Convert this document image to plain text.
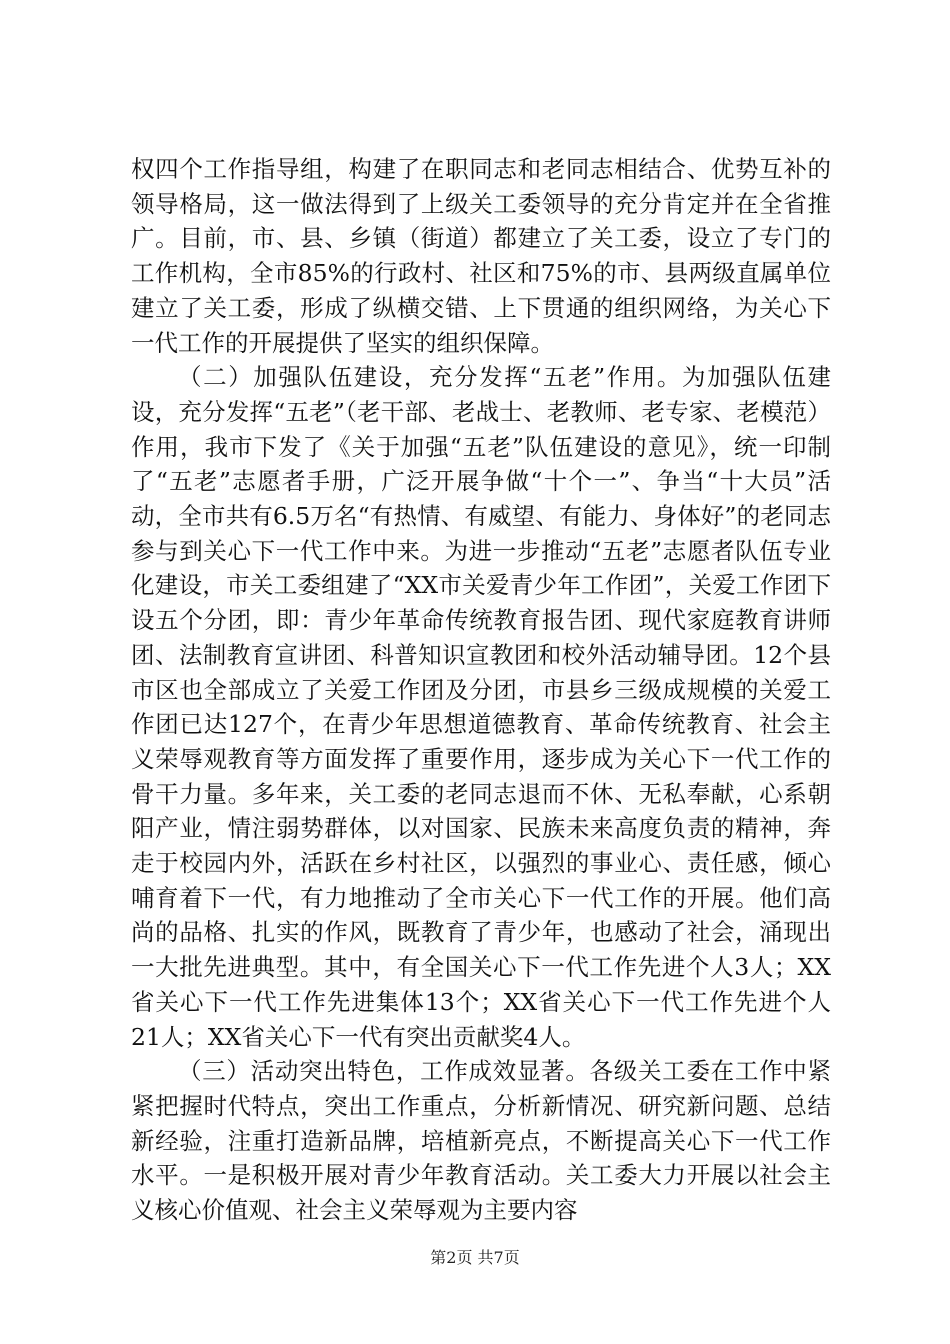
权四个工作指导组，构建了在职同志和老同志相结合、优势互补的领导格局，这一做法得到了上级关工委领导的充分肯定并在全省推广。目前，市、县、乡镇（街道）都建立了关工委，设立了专门的工作机构，全市85%的行政村、社区和75%的市、县两级直属单位建立了关工委，形成了纵横交错、上下贯通的组织网络，为关心下一代工作的开展提供了坚实的组织保障。

（二）加强队伍建设，充分发挥“五老”作用。为加强队伍建设，充分发挥“五老”（老干部、老战士、老教师、老专家、老模范）作用，我市下发了《关于加强“五老”队伍建设的意见》，统一印制了“五老”志愿者手册，广泛开展争做“十个一”、争当“十大员”活动，全市共有6.5万名“有热情、有威望、有能力、身体好”的老同志参与到关心下一代工作中来。为进一步推动“五老”志愿者队伍专业化建设，市关工委组建了“XX市关爱青少年工作团”，关爱工作团下设五个分团，即：青少年革命传统教育报告团、现代家庭教育讲师团、法制教育宣讲团、科普知识宣教团和校外活动辅导团。12个县市区也全部成立了关爱工作团及分团，市县乡三级成规模的关爱工作团已达127个，在青少年思想道德教育、革命传统教育、社会主义荣辱观教育等方面发挥了重要作用，逐步成为关心下一代工作的骨干力量。多年来，关工委的老同志退而不休、无私奉献，心系朝阳产业，情注弱势群体，以对国家、民族未来高度负责的精神，奔走于校园内外，活跃在乡村社区，以强烈的事业心、责任感，倾心哺育着下一代，有力地推动了全市关心下一代工作的开展。他们高尚的品格、扎实的作风，既教育了青少年，也感动了社会，涌现出一大批先进典型。其中，有全国关心下一代工作先进个人3人；XX省关心下一代工作先进集体13个；XX省关心下一代工作先进个人21人；XX省关心下一代有突出贡献奖4人。

（三）活动突出特色，工作成效显著。各级关工委在工作中紧紧把握时代特点，突出工作重点，分析新情况、研究新问题、总结新经验，注重打造新品牌，培植新亮点，不断提高关心下一代工作水平。一是积极开展对青少年教育活动。关工委大力开展以社会主义核心价值观、社会主义荣辱观为主要内容

第2页 共7页
